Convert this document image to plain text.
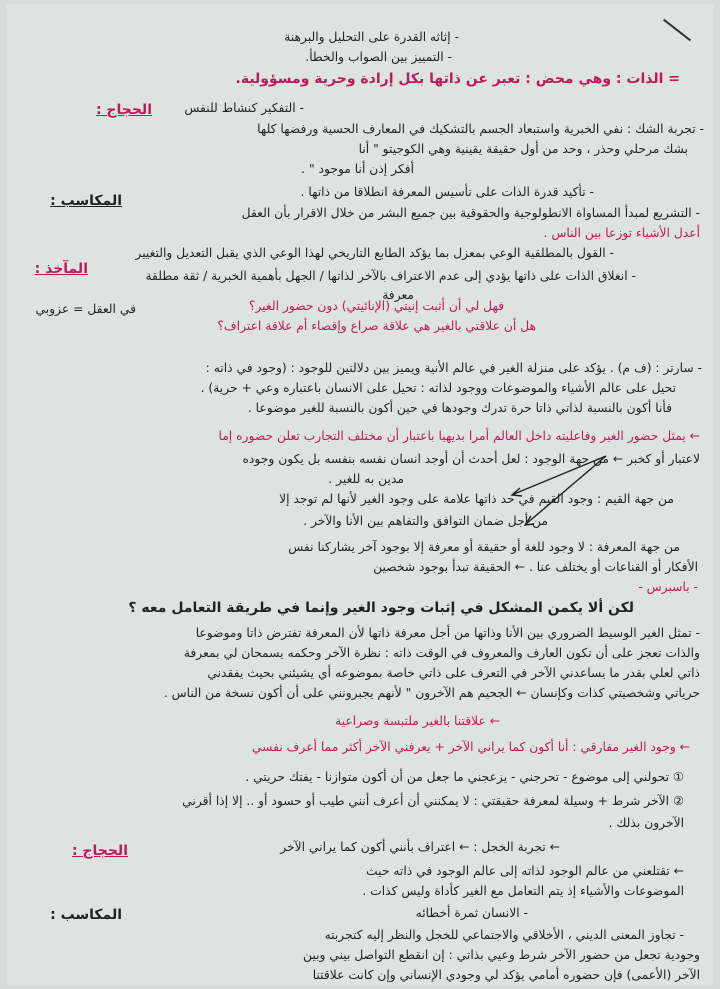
- إثاثه القدرة على التحليل والبرهنة
- التمييز بين الصواب والخطأ.
= الذات : وهي محض : تعبر عن ذاتها بكل إرادة وحرية ومسؤولية.
الحجاج :	- التفكير كنشاط للنفس
- تجربة الشك : نفي الخبرية واستبعاد الجسم بالتشكيك في المعارف الحسية ورفضها كلها
بشك مرحلي وحذر ، وحد من أول حقيقة يقينية وهي الكوجيتو " أنا
أفكر إذن أنا موجود " .
المكاسب :
- تأكيد قدرة الذات على تأسيس المعرفة انطلاقا من ذاتها .
- التشريع لمبدأ المساواة الانطولوجية والحقوقية بين جميع البشر من خلال الاقرار بأن العقل
أعدل الأشياء توزعا بين الناس .
المآخذ :
- القول بالمطلقية الوعي بمعزل بما يؤكد الطابع التاريخي لهذا الوعي الذي يقبل التعديل والتغيير
- انغلاق الذات على ذاتها يؤدي إلى عدم الاعتراف بالآخر لذاتها / الجهل بأهمية الخبرية / ثقة مطلقة
معرفة
في العقل = عزوبي	فهل لي أن أثبت إنيتي (الإنائيتي) دون حضور الغير؟
هل أن علاقتي بالغير هي علاقة صراع وإقصاء أم علاقة اعتراف؟
- سارتر : (ف م) . يؤكد على منزلة الغير في عالم الأنية ويميز بين دلالتين للوجود : (وجود في ذاته :
تحيل على عالم الأشياء والموضوعات ووجود لذاته : تحيل على الانسان باعتباره وعي + حرية) .
فأنا أكون بالنسبة لذاتي ذاتا حرة تدرك وجودها في حين أكون بالنسبة للغير موضوعا .
← يمثل حضور الغير وفاعليته داخل العالم أمرا بديهيا باعتبار أن مختلف التجارب تعلن حضوره إما
لاعتبار أو كخبر ← من جهة الوجود : لعل أحدث أن أوجد انسان نفسه بنفسه بل يكون وجوده
مدين به للغير .
من جهة القيم : وجود القيم في حد ذاتها علامة على وجود الغير لأنها لم توجد إلا
من أجل ضمان التوافق والتفاهم بين الأنا والآخر .
من جهة المعرفة : لا وجود للغة أو حقيقة أو معرفة إلا بوجود آخر يشاركنا نفس
الأفكار أو القناعات أو يختلف عنا . ← الحقيقة تبدأ بوجود شخصين
- باسبرس -
لكن ألا يكمن المشكل في إثبات وجود الغير وإنما في طريقة التعامل معه ؟
- تمثل الغير الوسيط الضروري بين الأنا وذاتها من أجل معرفة ذاتها لأن المعرفة تفترض ذاتا وموضوعا
والذات تعجز على أن تكون العارف والمعروف في الوقت ذاته : نظرة الآخر وحكمه يسمحان لي بمعرفة
ذاتي لعلي بقدر ما يساعدني الآخر في التعرف على ذاتي خاصة بموضوعه أي يشيئني بحيث يفقدني
حرياتي وشخصيتي كذات وكإنسان ← الجحيم هم الآخرون " لأنهم يجبرونني على أن أكون نسخة من الناس .
← علاقتنا بالغير ملتبسة وصراعية
← وجود الغير مفارقي : أنا أكون كما يراني الآخر + يعرفني الآخر أكثر مما أعرف نفسي
① تحولني إلى موضوع - تحرجني - يزعجني ما جعل من أن أكون متوازنا - يفتك حريتي .
② الآخر شرط + وسيلة لمعرفة حقيقتي : لا يمكنني أن أعرف أنني طيب أو حسود أو .. إلا إذا أقرني
الآخرون بذلك .
الحجاج :	← تجربة الخجل : ← اعتراف بأنني أكون كما يراني الآخر
← تقتلعني من عالم الوجود لذاته إلى عالم الوجود في ذاته حيث
الموضوعات والأشياء إذ يتم التعامل مع الغير كأداة وليس كذات .
المكاسب :	- الانسان ثمرة أخطائه
- تجاوز المعنى الديني ، الأخلاقي والاجتماعي للخجل والنظر إليه كتجربته
وجودية تجعل من حضور الآخر شرط وعيي بذاتي : إن انقطع التواصل بيني وبين
الآخر (الأعمى) فإن حضوره أمامي يؤكد لي وجودي الإنساني وإن كانت علاقتنا
